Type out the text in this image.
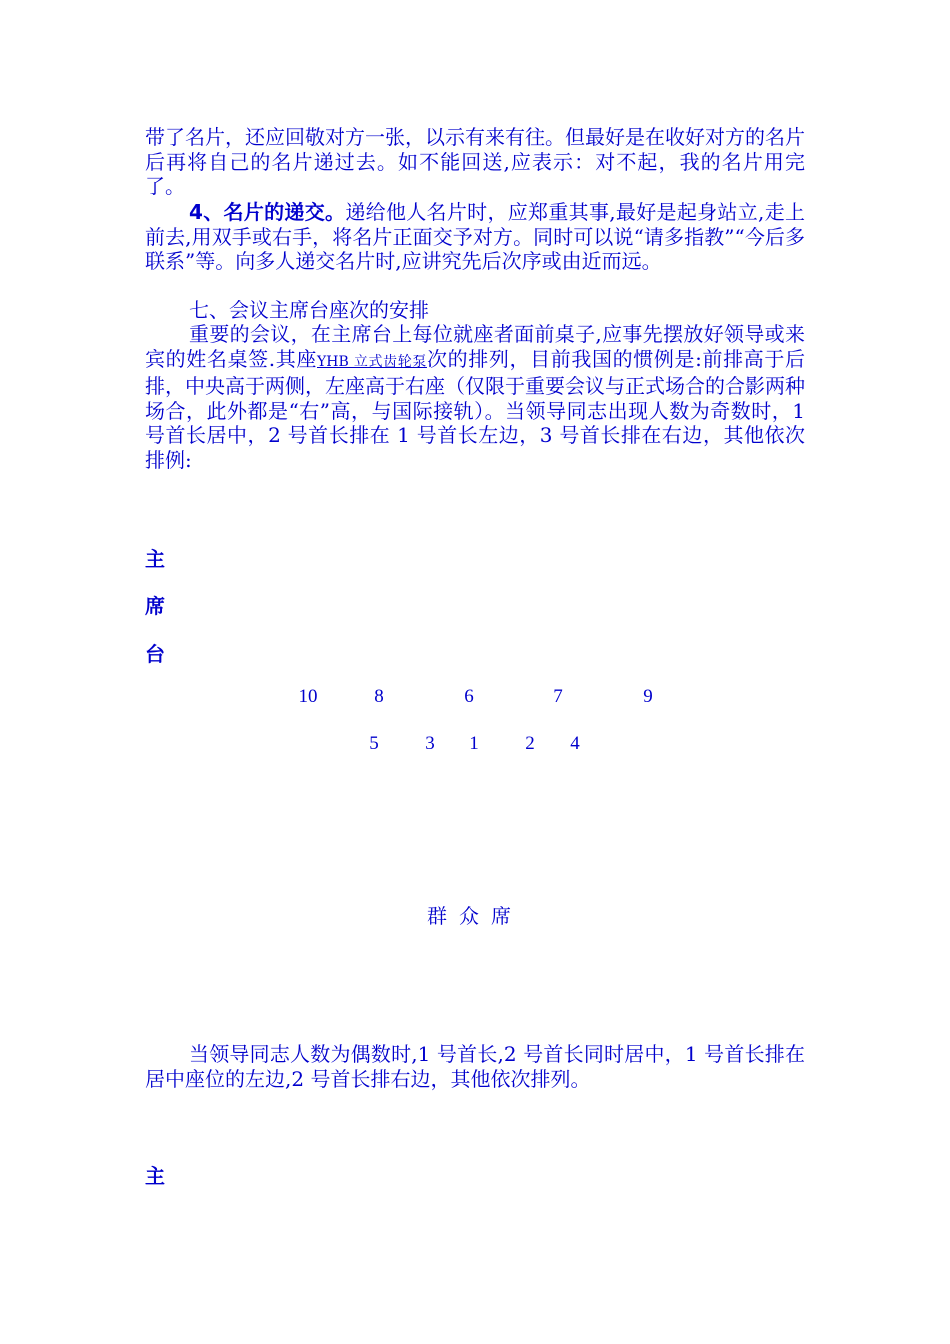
带了名片，还应回敬对方一张，以示有来有往。但最好是在收好对方的名片后再将自己的名片递过去。如不能回送,应表示：对不起，我的名片用完了。

4、名片的递交。递给他人名片时，应郑重其事,最好是起身站立,走上前去,用双手或右手，将名片正面交予对方。同时可以说“请多指教”“今后多联系”等。向多人递交名片时,应讲究先后次序或由近而远。

七、会议主席台座次的安排

重要的会议，在主席台上每位就座者面前桌子,应事先摆放好领导或来宾的姓名桌签.其座YHB 立式齿轮泵次的排列，目前我国的惯例是:前排高于后排，中央高于两侧，左座高于右座（仅限于重要会议与正式场合的合影两种场合，此外都是“右”高，与国际接轨）。当领导同志出现人数为奇数时，1 号首长居中，2 号首长排在 1 号首长左边，3 号首长排在右边，其他依次排例:

主
席
台
10	8	6	7	9
5 3 1 2 4
群众席

当领导同志人数为偶数时,1 号首长,2 号首长同时居中，1 号首长排在居中座位的左边,2 号首长排右边，其他依次排列。

主
